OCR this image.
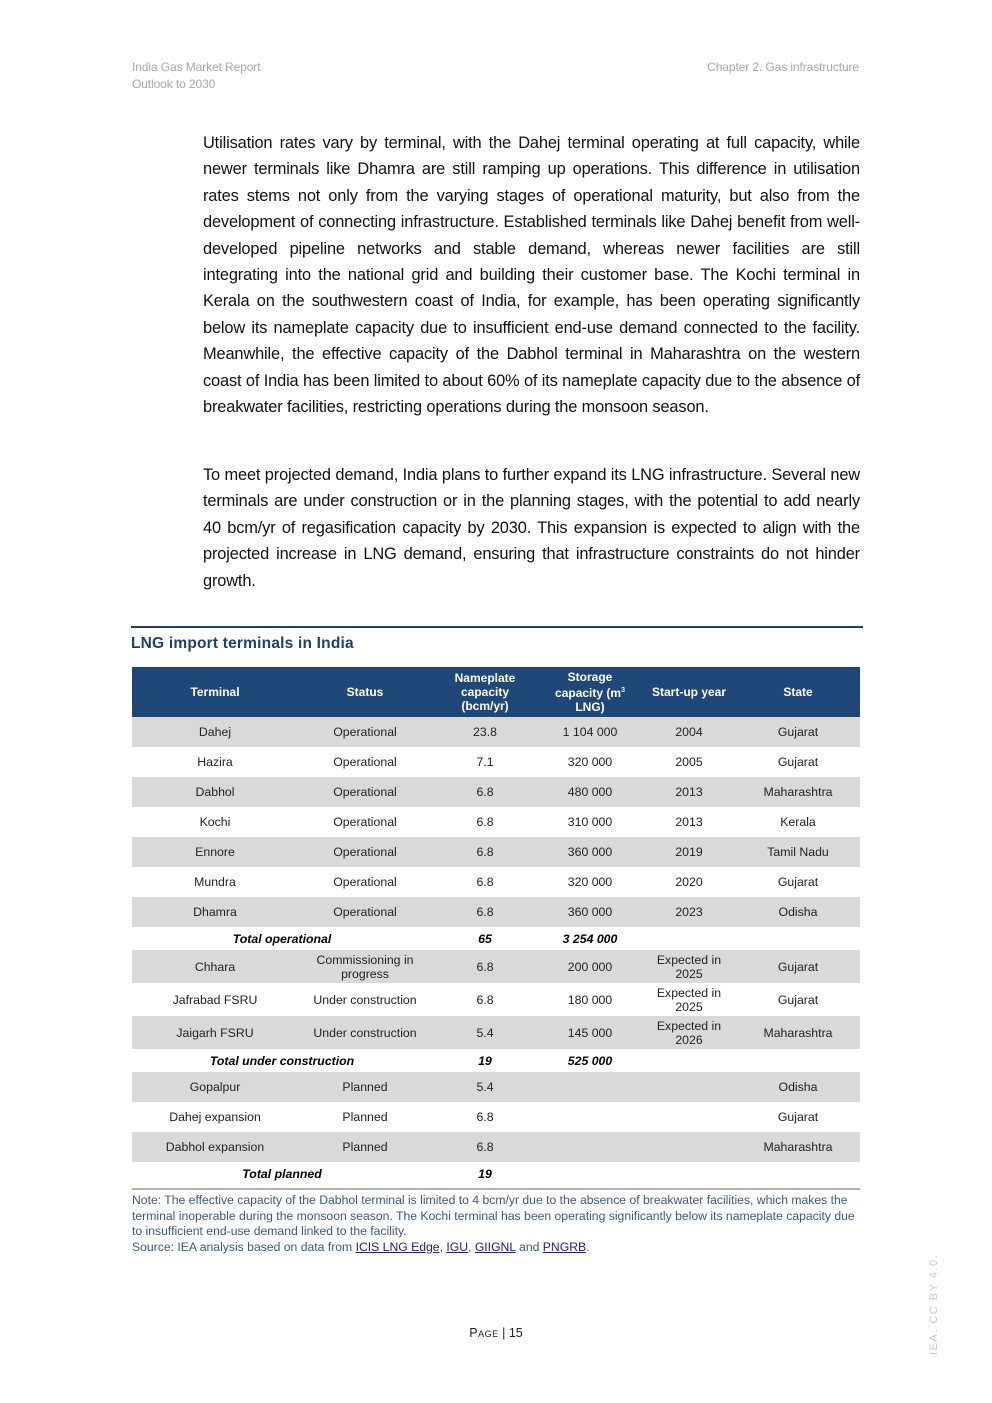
India Gas Market Report
Outlook to 2030
Chapter 2. Gas infrastructure

Utilisation rates vary by terminal, with the Dahej terminal operating at full capacity, while newer terminals like Dhamra are still ramping up operations. This difference in utilisation rates stems not only from the varying stages of operational maturity, but also from the development of connecting infrastructure. Established terminals like Dahej benefit from well-developed pipeline networks and stable demand, whereas newer facilities are still integrating into the national grid and building their customer base. The Kochi terminal in Kerala on the southwestern coast of India, for example, has been operating significantly below its nameplate capacity due to insufficient end-use demand connected to the facility. Meanwhile, the effective capacity of the Dabhol terminal in Maharashtra on the western coast of India has been limited to about 60% of its nameplate capacity due to the absence of breakwater facilities, restricting operations during the monsoon season.

To meet projected demand, India plans to further expand its LNG infrastructure. Several new terminals are under construction or in the planning stages, with the potential to add nearly 40 bcm/yr of regasification capacity by 2030. This expansion is expected to align with the projected increase in LNG demand, ensuring that infrastructure constraints do not hinder growth.

LNG import terminals in India
Terminal	Status	Nameplate capacity (bcm/yr)	Storage capacity ($m^3$ LNG)	Start-up year	State
Dahej	Operational	23.8	1 104 000	2004	Gujarat
Hazira	Operational	7.1	320 000	2005	Gujarat
Dabhol	Operational	6.8	480 000	2013	Maharashtra
Kochi	Operational	6.8	310 000	2013	Kerala
Ennore	Operational	6.8	360 000	2019	Tamil Nadu
Mundra	Operational	6.8	320 000	2020	Gujarat
Dhamra	Operational	6.8	360 000	2023	Odisha
Total operational		65	3 254 000		
Chhara	Commissioning in progress	6.8	200 000	Expected in 2025	Gujarat
Jafrabad FSRU	Under construction	6.8	180 000	Expected in 2025	Gujarat
Jaigarh FSRU	Under construction	5.4	145 000	Expected in 2026	Maharashtra
Total under construction		19	525 000		
Gopalpur	Planned	5.4			Odisha
Dahej expansion	Planned	6.8			Gujarat
Dabhol expansion	Planned	6.8			Maharashtra
Total planned		19			
Note: The effective capacity of the Dabhol terminal is limited to 4 bcm/yr due to the absence of breakwater facilities, which makes the terminal inoperable during the monsoon season. The Kochi terminal has been operating significantly below its nameplate capacity due to insufficient end-use demand linked to the facility.
Source: IEA analysis based on data from ICIS LNG Edge, IGU, GIIGNL and PNGRB.
Page | 15	IEA. CC BY 4.0.
